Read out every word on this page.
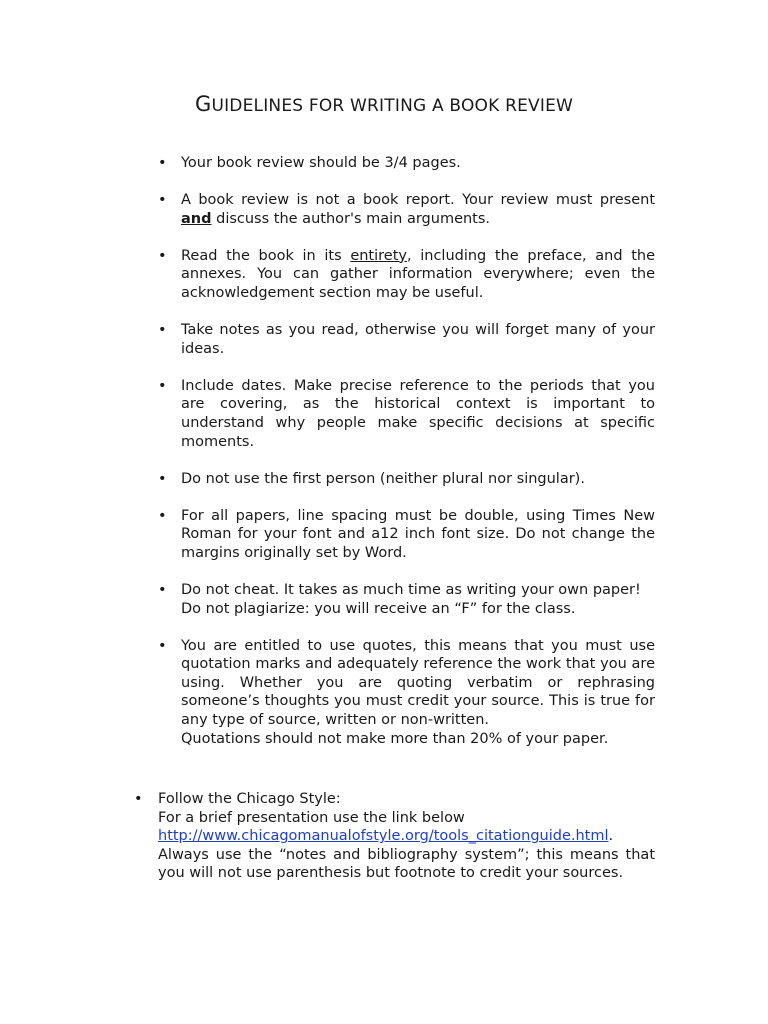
GUIDELINES FOR WRITING A BOOK REVIEW
• Your book review should be 3/4 pages.
• A book review is not a book report. Your review must present and discuss the author's main arguments.
• Read the book in its entirety, including the preface, and the annexes. You can gather information everywhere; even the acknowledgement section may be useful.
• Take notes as you read, otherwise you will forget many of your ideas.
• Include dates. Make precise reference to the periods that you are covering, as the historical context is important to understand why people make specific decisions at specific moments.
• Do not use the first person (neither plural nor singular).
• For all papers, line spacing must be double, using Times New Roman for your font and a12 inch font size. Do not change the margins originally set by Word.
• Do not cheat. It takes as much time as writing your own paper!
Do not plagiarize: you will receive an “F” for the class.
• You are entitled to use quotes, this means that you must use quotation marks and adequately reference the work that you are using. Whether you are quoting verbatim or rephrasing someone’s thoughts you must credit your source. This is true for any type of source, written or non-written.
Quotations should not make more than 20% of your paper.
• Follow the Chicago Style:
For a brief presentation use the link below
http://www.chicagomanualofstyle.org/tools_citationguide.html.
Always use the “notes and bibliography system”; this means that you will not use parenthesis but footnote to credit your sources.
